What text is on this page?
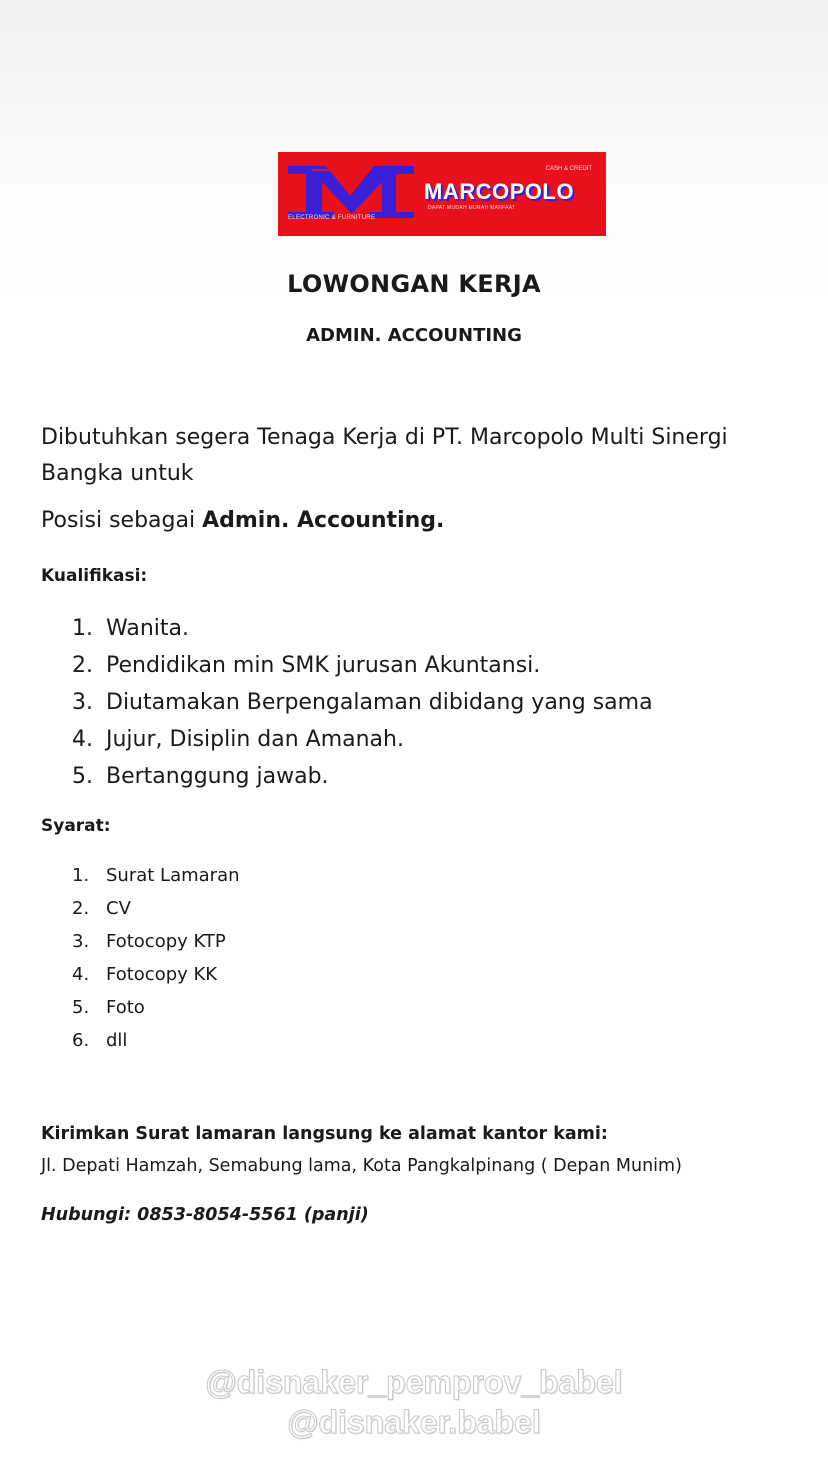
CASH & CREDIT
MARCOPOLO
DAPAT MUDAH MURAH MANFAAT
ELECTRONIC & FURNITURE
LOWONGAN KERJA
ADMIN. ACCOUNTING
Dibutuhkan segera Tenaga Kerja di PT. Marcopolo Multi Sinergi Bangka untuk
Posisi sebagai Admin. Accounting.
Kualifikasi:
1. Wanita.
2. Pendidikan min SMK jurusan Akuntansi.
3. Diutamakan Berpengalaman dibidang yang sama
4. Jujur, Disiplin dan Amanah.
5. Bertanggung jawab.
Syarat:
1. Surat Lamaran
2. CV
3. Fotocopy KTP
4. Fotocopy KK
5. Foto
6. dll
Kirimkan Surat lamaran langsung ke alamat kantor kami:
Jl. Depati Hamzah, Semabung lama, Kota Pangkalpinang ( Depan Munim)
Hubungi: 0853-8054-5561 (panji)
@disnaker_pemprov_babel
@disnaker.babel
